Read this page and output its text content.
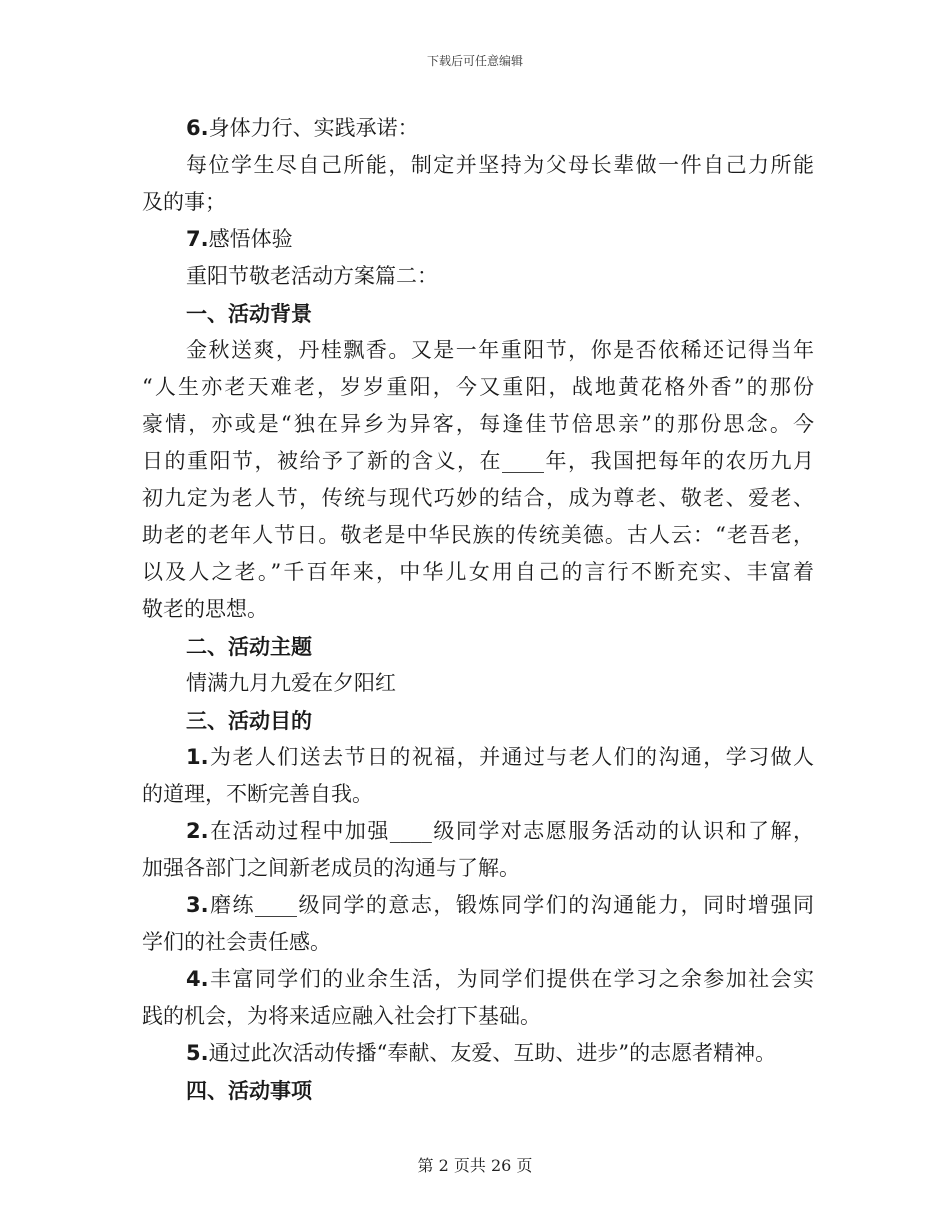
下载后可任意编辑
6.身体力行、实践承诺：
每位学生尽自己所能，制定并坚持为父母长辈做一件自己力所能
及的事；
7.感悟体验
重阳节敬老活动方案篇二：
一、活动背景
金秋送爽，丹桂飘香。又是一年重阳节，你是否依稀还记得当年
“人生亦老天难老，岁岁重阳，今又重阳，战地黄花格外香”的那份
豪情，亦或是“独在异乡为异客，每逢佳节倍思亲”的那份思念。今
日的重阳节，被给予了新的含义，在____年，我国把每年的农历九月
初九定为老人节，传统与现代巧妙的结合，成为尊老、敬老、爱老、
助老的老年人节日。敬老是中华民族的传统美德。古人云：“老吾老，
以及人之老。”千百年来，中华儿女用自己的言行不断充实、丰富着
敬老的思想。
二、活动主题
情满九月九爱在夕阳红
三、活动目的
1.为老人们送去节日的祝福，并通过与老人们的沟通，学习做人
的道理，不断完善自我。
2.在活动过程中加强____级同学对志愿服务活动的认识和了解，
加强各部门之间新老成员的沟通与了解。
3.磨练____级同学的意志，锻炼同学们的沟通能力，同时增强同
学们的社会责任感。
4.丰富同学们的业余生活，为同学们提供在学习之余参加社会实
践的机会，为将来适应融入社会打下基础。
5.通过此次活动传播“奉献、友爱、互助、进步”的志愿者精神。
四、活动事项
第 2 页共 26 页
